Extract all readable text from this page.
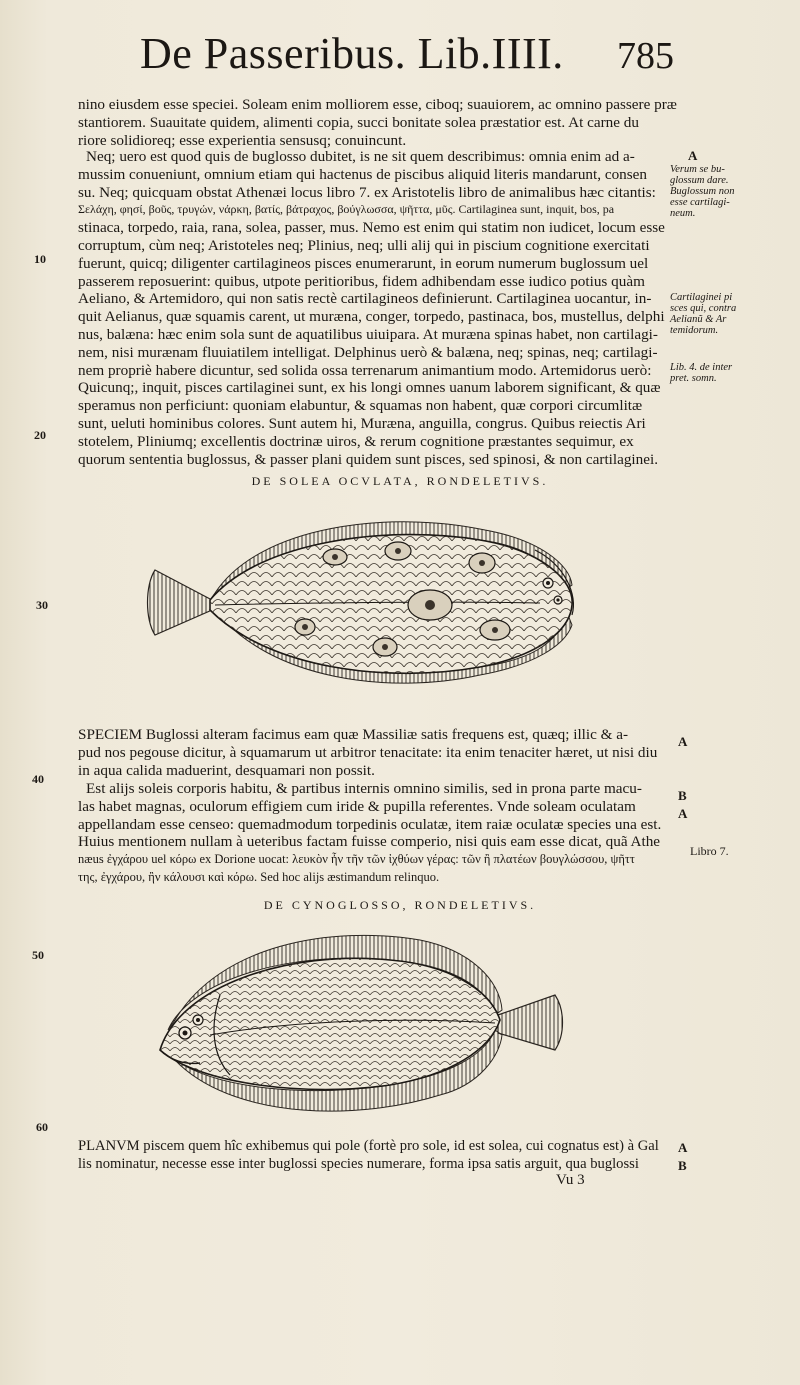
De Passeribus. Lib.IIII. 785
nino eiusdem esse speciei. Soleam enim molliorem esse, ciboq; suauiorem, ac omnino passere præ
stantiorem. Suauitate quidem, alimenti copia, succi bonitate solea præstatior est. At carne du
riore solidioreq; esse experientia sensusq; conuincunt.
Neq; uero est quod quis de buglosso dubitet, is ne sit quem describimus: omnia enim ad a-
mussim conueniunt, omnium etiam qui hactenus de piscibus aliquid literis mandarunt, consen
su. Neq; quicquam obstat Athenæi locus libro 7. ex Aristotelis libro de animalibus hæc citantis:
Σελάχη, φησί, βοῦς, τρυγών, νάρκη, βατίς, βάτραχος, βούγλωσσα, ψῆττα, μῦς. Cartilaginea sunt, inquit, bos, pa
stinaca, torpedo, raia, rana, solea, passer, mus. Nemo est enim qui statim non iudicet, locum esse
corruptum, cùm neq; Aristoteles neq; Plinius, neq; ulli alij qui in piscium cognitione exercitati
fuerunt, quicq; diligenter cartilagineos pisces enumerarunt, in eorum numerum buglossum uel
passerem reposuerint: quibus, utpote peritioribus, fidem adhibendam esse iudico potius quàm
Aeliano, & Artemidoro, qui non satis rectè cartilagineos definierunt. Cartilaginea uocantur, in-
quit Aelianus, quæ squamis carent, ut muræna, conger, torpedo, pastinaca, bos, mustellus, delphi
nus, balæna: hæc enim sola sunt de aquatilibus uiuipara. At muræna spinas habet, non cartilagi-
nem, nisi murænam fluuiatilem intelligat. Delphinus uerò & balæna, neq; spinas, neq; cartilagi-
nem propriè habere dicuntur, sed solida ossa terrenarum animantium modo. Artemidorus uerò:
Quicunq;, inquit, pisces cartilaginei sunt, ex his longi omnes uanum laborem significant, & quæ
speramus non perficiunt: quoniam elabuntur, & squamas non habent, quæ corpori circumlitæ
sunt, ueluti hominibus colores. Sunt autem hi, Muræna, anguilla, congrus. Quibus reiectis Ari
stotelem, Pliniumq; excellentis doctrinæ uiros, & rerum cognitione præstantes sequimur, ex
quorum sententia buglossus, & passer plani quidem sunt pisces, sed spinosi, & non cartilaginei.
Verum se bu-
glossum dare.
Buglossum non
esse cartilagi-
neum.
Cartilaginei pi
sces qui, contra
Aelianũ & Ar
temidorum.
Lib. 4. de inter
pret. somn.
Libro 7.
A
A
B
A
A
B
10
20
30
40
50
60
DE SOLEA OCVLATA, RONDELETIVS.
SPECIEM Buglossi alteram facimus eam quæ Massiliæ satis frequens est, quæq; illic & a-
pud nos pegouse dicitur, à squamarum ut arbitror tenacitate: ita enim tenaciter hæret, ut nisi diu
in aqua calida maduerint, desquamari non possit.
Est alijs soleis corporis habitu, & partibus internis omnino similis, sed in prona parte macu-
las habet magnas, oculorum effigiem cum iride & pupilla referentes. Vnde soleam oculatam
appellandam esse censeo: quemadmodum torpedinis oculatæ, item raiæ oculatæ species una est.
Huius mentionem nullam à ueteribus factam fuisse comperio, nisi quis eam esse dicat, quã Athe
næus ἐγχάρου uel κόρω ex Dorione uocat: λευκὸν ἦν τῆν τῶν ἰχθύων γέρας: τῶν ἢ πλατέων βουγλώσσου, ψῆττ
της, ἐγχάρου, ἢν κάλουσι καὶ κόρω. Sed hoc alijs æstimandum relinquo.
DE CYNOGLOSSO, RONDELETIVS.
PLANVM piscem quem hîc exhibemus qui pole (fortè pro sole, id est solea, cui cognatus est) à Gal
lis nominatur, necesse esse inter buglossi species numerare, forma ipsa satis arguit, qua buglossi
Vu 3
